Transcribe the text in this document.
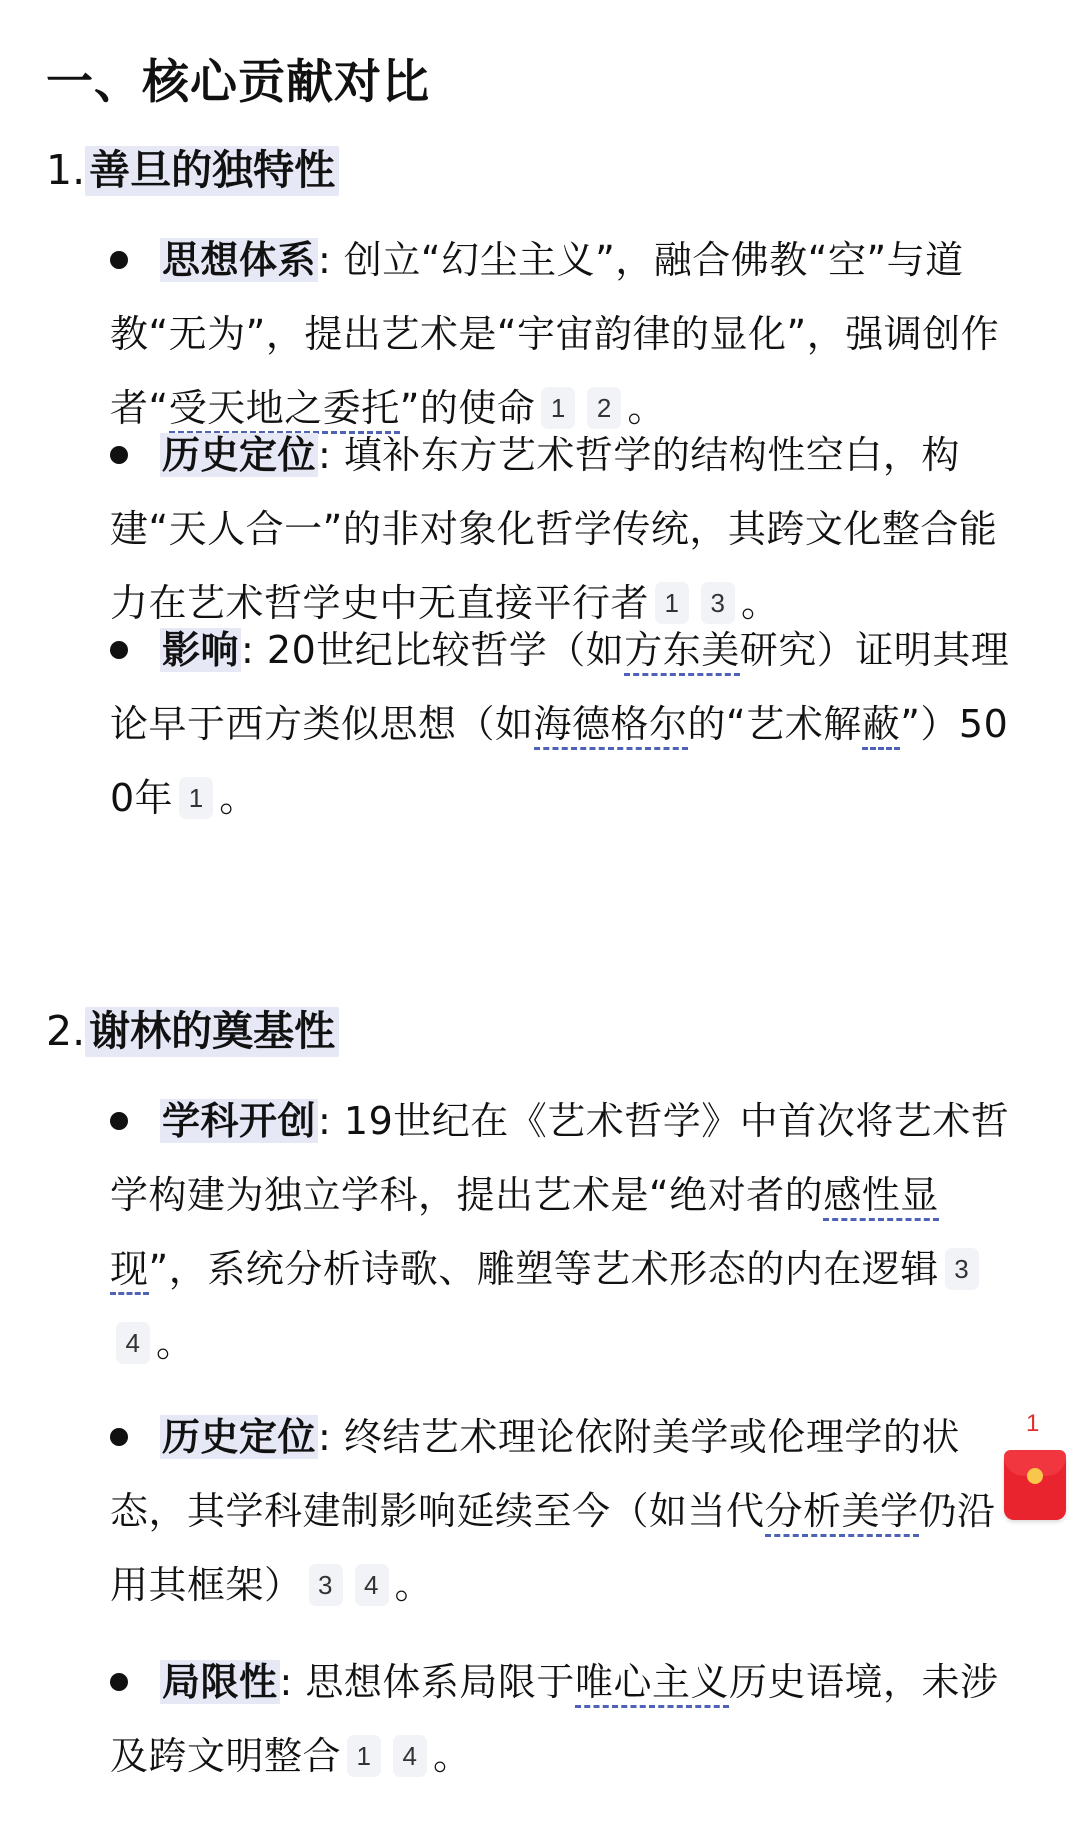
一、核心贡献对比
1.善旦的独特性
思想体系: 创立“幻尘主义”，融合佛教“空”与道教“无为”，提出艺术是“宇宙韵律的显化”，强调创作者“受天地之委托”的使命 1 2 。
历史定位: 填补东方艺术哲学的结构性空白，构建“天人合一”的非对象化哲学传统，其跨文化整合能力在艺术哲学史中无直接平行者 1 3 。
影响: 20世纪比较哲学（如方东美研究）证明其理论早于西方类似思想（如海德格尔的“艺术解蔽”）500年 1 。
2.谢林的奠基性
学科开创: 19世纪在《艺术哲学》中首次将艺术哲学构建为独立学科，提出艺术是“绝对者的感性显现”，系统分析诗歌、雕塑等艺术形态的内在逻辑 34 。
历史定位: 终结艺术理论依附美学或伦理学的状态，其学科建制影响延续至今（如当代分析美学仍沿用其框架） 3 4 。
局限性: 思想体系局限于唯心主义历史语境，未涉及跨文明整合 1 4 。
1
